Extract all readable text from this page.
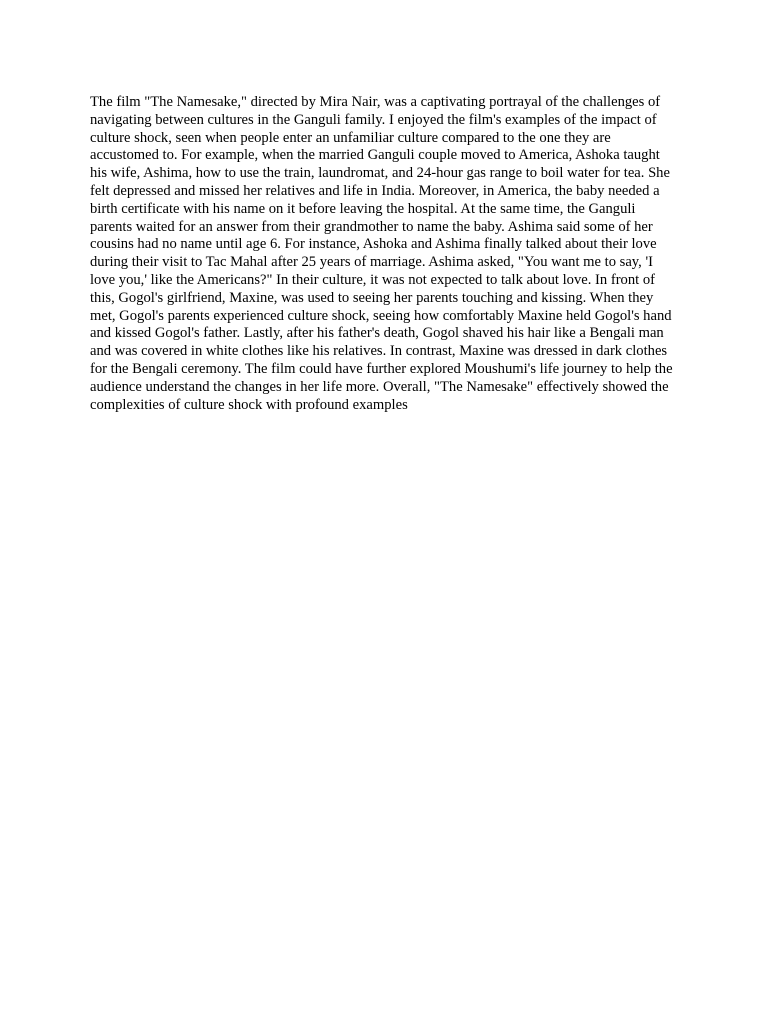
The film "The Namesake," directed by Mira Nair, was a captivating portrayal of the challenges of navigating between cultures in the Ganguli family. I enjoyed the film's examples of the impact of culture shock, seen when people enter an unfamiliar culture compared to the one they are accustomed to. For example, when the married Ganguli couple moved to America, Ashoka taught his wife, Ashima, how to use the train, laundromat, and 24-hour gas range to boil water for tea. She felt depressed and missed her relatives and life in India. Moreover, in America, the baby needed a birth certificate with his name on it before leaving the hospital. At the same time, the Ganguli parents waited for an answer from their grandmother to name the baby. Ashima said some of her cousins had no name until age 6. For instance, Ashoka and Ashima finally talked about their love during their visit to Tac Mahal after 25 years of marriage. Ashima asked, "You want me to say, 'I love you,' like the Americans?" In their culture, it was not expected to talk about love. In front of this, Gogol's girlfriend, Maxine, was used to seeing her parents touching and kissing. When they met, Gogol's parents experienced culture shock, seeing how comfortably Maxine held Gogol's hand and kissed Gogol's father. Lastly, after his father's death, Gogol shaved his hair like a Bengali man and was covered in white clothes like his relatives. In contrast, Maxine was dressed in dark clothes for the Bengali ceremony. The film could have further explored Moushumi's life journey to help the audience understand the changes in her life more. Overall, "The Namesake" effectively showed the complexities of culture shock with profound examples
